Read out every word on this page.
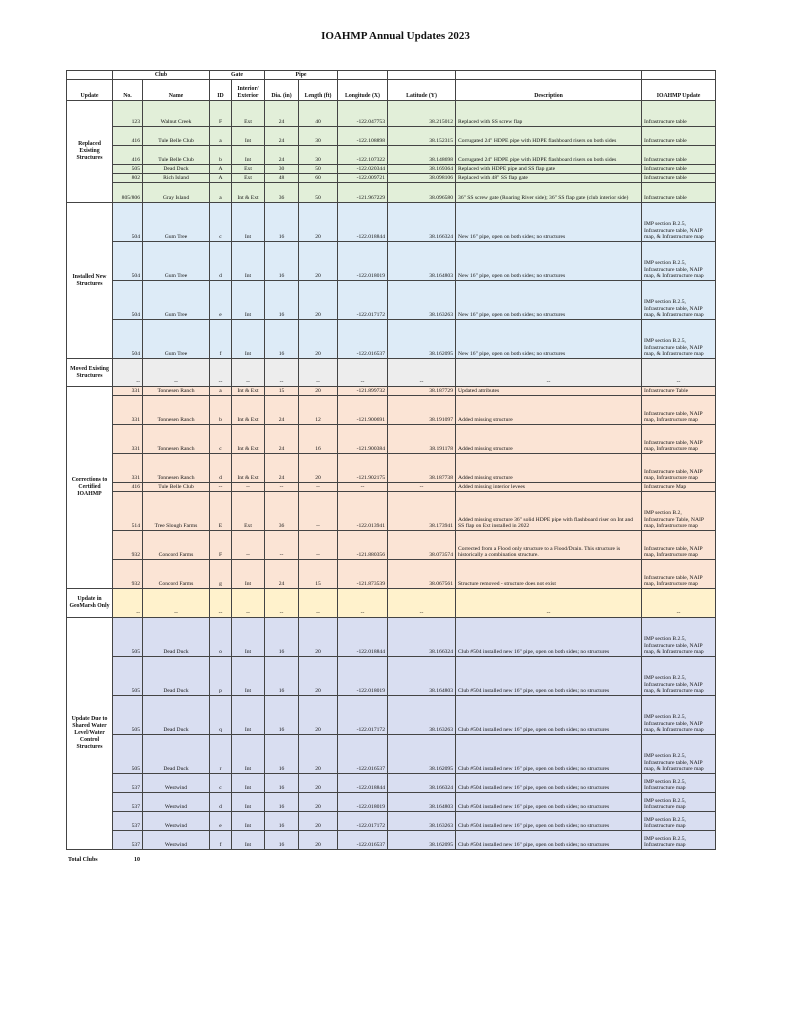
IOAHMP Annual Updates 2023
	Club		Gate		Pipe					
Update	No.	Name	ID	Interior/ Exterior	Dia. (in)	Length (ft)	Longitude (X)	Latitude (Y)	Description	IOAHMP Update
Replaced Existing Structures	123	Walnut Creek	F	Ext	24	40	-122.047753	38.215012	Replaced with SS screw flap	Infrastructure table
	416	Tule Belle Club	a	Int	24	30	-122.108898	38.152315	Corrugated 24" HDPE pipe with HDPE flashboard risers on both sides	Infrastructure table
	416	Tule Belle Club	b	Int	24	30	-122.107322	38.148698	Corrugated 24" HDPE pipe with HDPE flashboard risers on both sides	Infrastructure table
	505	Dead Duck	A	Ext	30	50	-122.020344	38.169364	Replaced with HDPE pipe and SS flap gate	Infrastructure table
	802	Rich Island	A	Ext	48	60	-122.009721	38.098106	Replaced with 48" SS flap gate	Infrastructure table
	805/806	Gray Island	a	Int & Ext	36	50	-121.967229	38.096580	36" SS screw gate (Roaring River side); 36" SS flap gate (club interior side)	Infrastructure table
Installed New Structures	504	Gum Tree	c	Int	16	20	-122.018844	38.166324	New 16" pipe, open on both sides; no structures	IMP section B.2.5, Infrastructure table, NAIP map, & Infrastructure map
	504	Gum Tree	d	Int	16	20	-122.018019	38.164803	New 16" pipe, open on both sides; no structures	IMP section B.2.5, Infrastructure table, NAIP map, & Infrastructure map
	504	Gum Tree	e	Int	16	20	-122.017172	38.163263	New 16" pipe, open on both sides; no structures	IMP section B.2.5, Infrastructure table, NAIP map, & Infrastructure map
	504	Gum Tree	f	Int	16	20	-122.016537	38.162095	New 16" pipe, open on both sides; no structures	IMP section B.2.5, Infrastructure table, NAIP map, & Infrastructure map
Moved Existing Structures	--	--	--	--	--	--	--	--	--	--
Corrections to Certified IOAHMP	331	Tonnesen Ranch	a	Int & Ext	15	20	-121.899732	38.187729	Updated attributes	Infrastructure Table
	331	Tonnesen Ranch	b	Int & Ext	24	12	-121.900691	38.191097	Added missing structure	Infrastructure table, NAIP map, Infrastructure map
	331	Tonnesen Ranch	c	Int & Ext	24	16	-121.900384	38.191178	Added missing structure	Infrastructure table, NAIP map, Infrastructure map
	331	Tonnesen Ranch	d	Int & Ext	24	20	-121.902175	38.187738	Added missing structure	Infrastructure table, NAIP map, Infrastructure map
	416	Tule Belle Club	--	--	--	--	--	--	Added missing interior levees	Infrastructure Map
	514	Tree Slough Farms	E	Ext	36	--	-122.013941	38.173941	Added missing structure 36" solid HDPE pipe with flashboard riser on Int and SS flap on Ext installed in 2022	IMP section B.2, Infrastructure Table, NAIP map, Infrastructure map
	932	Concord Farms	F	--	--	--	-121.880356	38.073574	Corrected from a Flood only structure to a Flood/Drain. This structure is historically a combination structure.	Infrastructure table, NAIP map, Infrastructure map
	932	Concord Farms	g	Int	24	15	-121.873539	38.067561	Structure removed - structure does not exist	Infrastructure table, NAIP map, Infrastructure map
Update in GeoMarsh Only	--	--	--	--	--	--	--	--	--	--
Update Due to Shared Water Level/Water Control Structures	505	Dead Duck	o	Int	16	20	-122.018844	38.166324	Club #504 installed new 16" pipe, open on both sides; no structures	IMP section B.2.5, Infrastructure table, NAIP map, & Infrastructure map
	505	Dead Duck	p	Int	16	20	-122.018019	38.164803	Club #504 installed new 16" pipe, open on both sides; no structures	IMP section B.2.5, Infrastructure table, NAIP map, & Infrastructure map
	505	Dead Duck	q	Int	16	20	-122.017172	38.163263	Club #504 installed new 16" pipe, open on both sides; no structures	IMP section B.2.5, Infrastructure table, NAIP map, & Infrastructure map
	505	Dead Duck	r	Int	16	20	-122.016537	38.162095	Club #504 installed new 16" pipe, open on both sides; no structures	IMP section B.2.5, Infrastructure table, NAIP map, & Infrastructure map
	537	Westwind	c	Int	16	20	-122.018844	38.166324	Club #504 installed new 16" pipe, open on both sides; no structures	IMP section B.2.5, Infrastructure map
	537	Westwind	d	Int	16	20	-122.018019	38.164803	Club #504 installed new 16" pipe, open on both sides; no structures	IMP section B.2.5, Infrastructure map
	537	Westwind	e	Int	16	20	-122.017172	38.163263	Club #504 installed new 16" pipe, open on both sides; no structures	IMP section B.2.5, Infrastructure map
	537	Westwind	f	Int	16	20	-122.016537	38.162095	Club #504 installed new 16" pipe, open on both sides; no structures	IMP section B.2.5, Infrastructure map
Total Clubs	10
